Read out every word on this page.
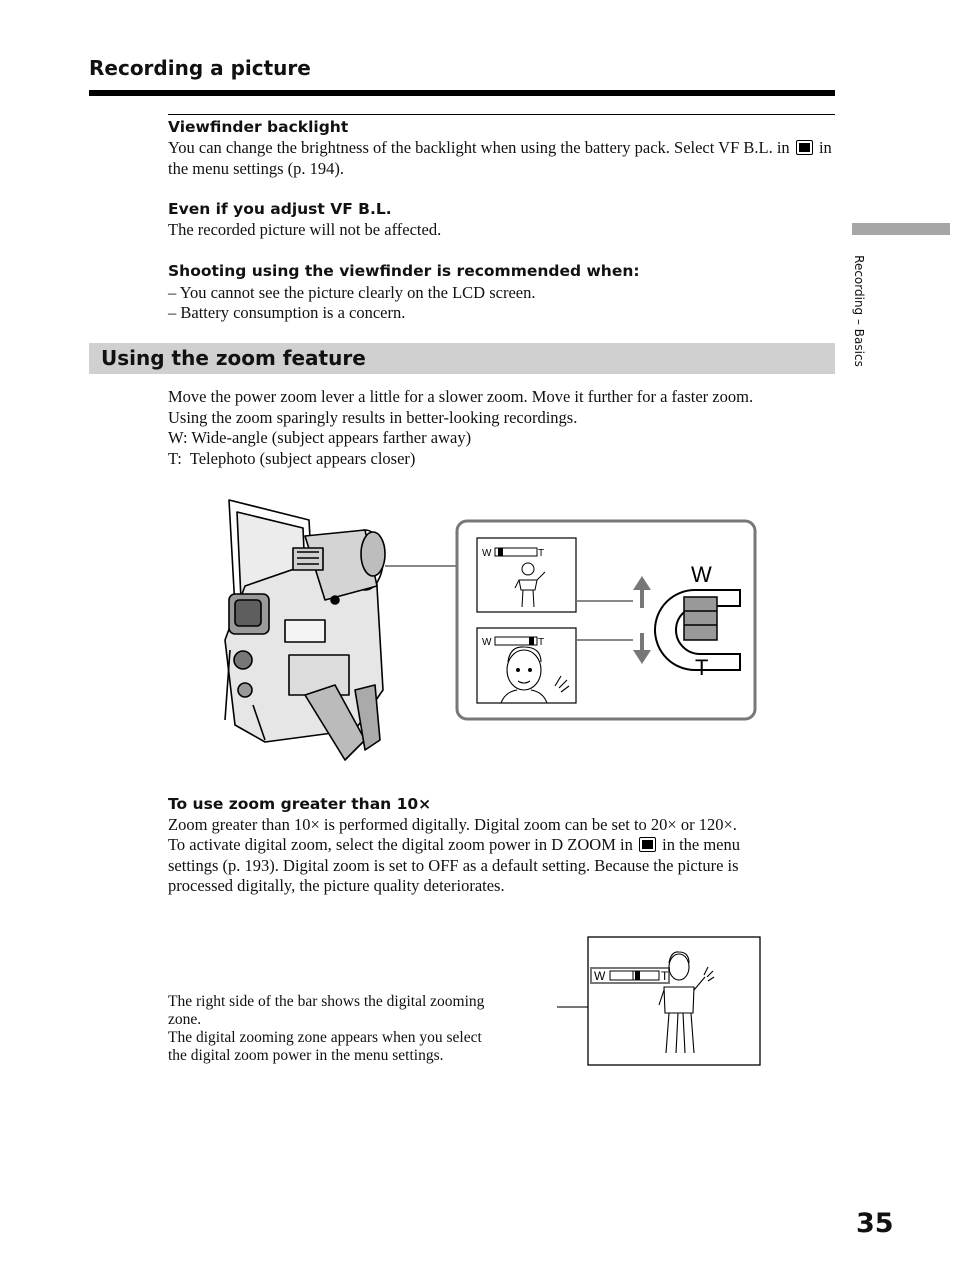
Recording a picture
Recording – Basics
Viewfinder backlight
You can change the brightness of the backlight when using the battery pack. Select VF B.L. in in the menu settings (p. 194).
Even if you adjust VF B.L.
The recorded picture will not be affected.
Shooting using the viewfinder is recommended when:
– You cannot see the picture clearly on the LCD screen.
– Battery consumption is a concern.
Using the zoom feature
Move the power zoom lever a little for a slower zoom. Move it further for a faster zoom.
Using the zoom sparingly results in better-looking recordings.
W: Wide-angle (subject appears farther away)
T:  Telephoto (subject appears closer)
W	T
W	T
W
T
To use zoom greater than 10×
Zoom greater than 10× is performed digitally. Digital zoom can be set to 20× or 120×.
To activate digital zoom, select the digital zoom power in D ZOOM in in the menu
settings (p. 193). Digital zoom is set to OFF as a default setting. Because the picture is
processed digitally, the picture quality deteriorates.
The right side of the bar shows the digital zooming
zone.
The digital zooming zone appears when you select
the digital zoom power in the menu settings.
W	T
35
